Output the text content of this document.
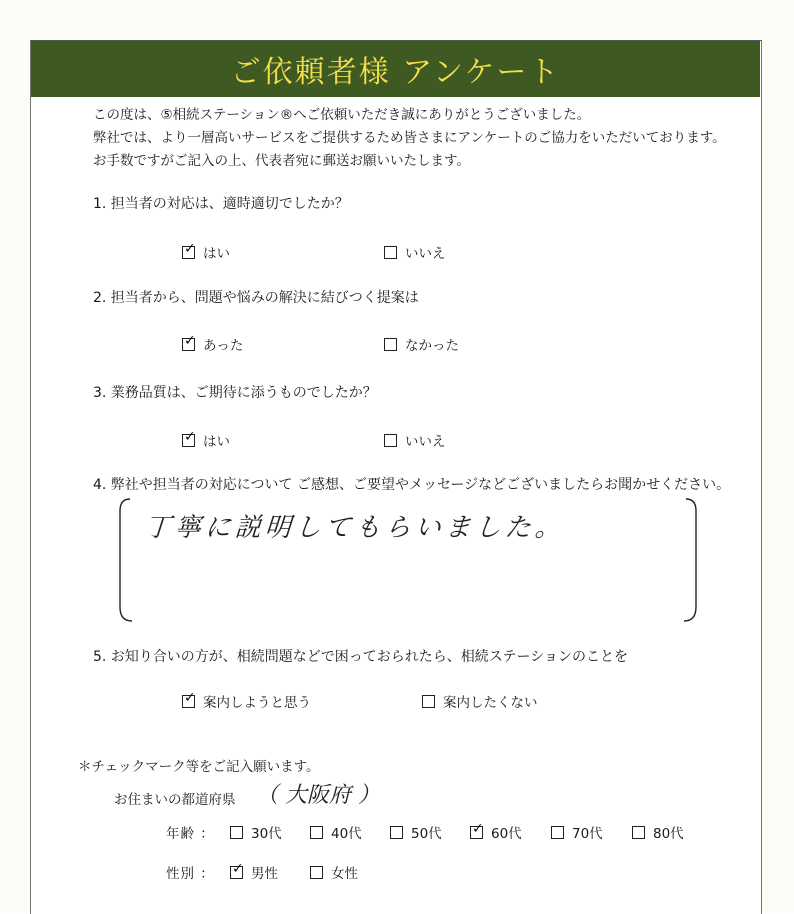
ご依頼者様 アンケート
この度は、⑤相続ステーション®へご依頼いただき誠にありがとうございました。
弊社では、より一層高いサービスをご提供するため皆さまにアンケートのご協力をいただいております。
お手数ですがご記入の上、代表者宛に郵送お願いいたします。
1. 担当者の対応は、適時適切でしたか？
✓ はい	いいえ
2. 担当者から、問題や悩みの解決に結びつく提案は
✓ あった	なかった
3. 業務品質は、ご期待に添うものでしたか？
✓ はい	いいえ
4. 弊社や担当者の対応について ご感想、ご要望やメッセージなどございましたらお聞かせください。
丁寧に説明してもらいました。
5. お知り合いの方が、相続問題などで困っておられたら、相続ステーションのことを
✓ 案内しようと思う	案内したくない
＊チェックマーク等をご記入願います。
お住まいの都道府県 （ 大阪府 ）
年齢 ：	30代	40代	50代 ✓ 60代	70代	80代
性別 ： ✓ 男性	女性
